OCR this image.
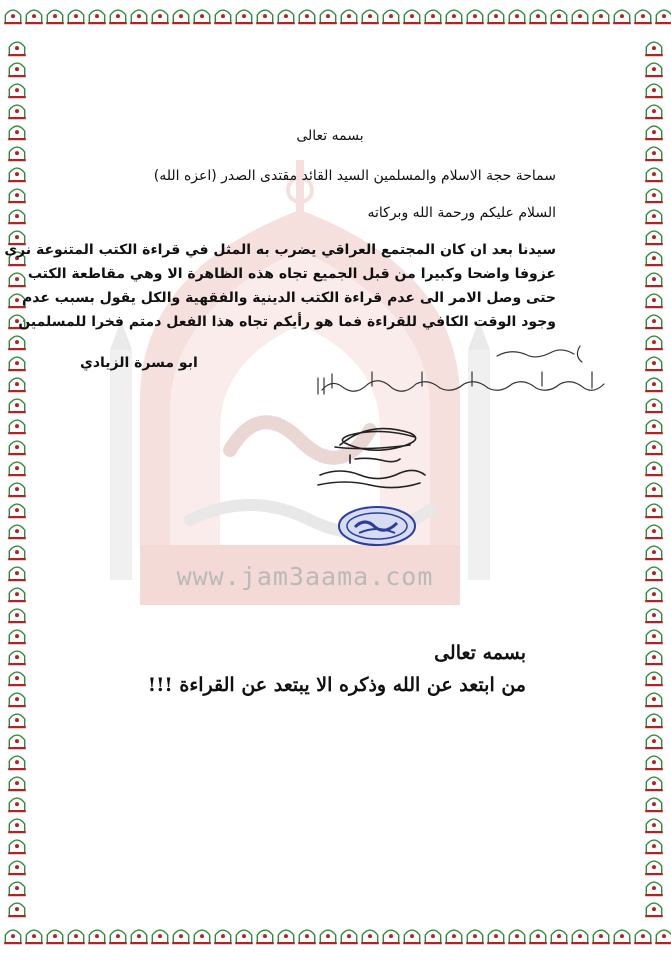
www.jam3aama.com
بسمه تعالى
سماحة حجة الاسلام والمسلمين السيد القائد مقتدى الصدر (اعزه الله)
السلام عليكم ورحمة الله وبركاته
سيدنا بعد ان كان المجتمع العراقي يضرب به المثل في قراءة الكتب المتنوعة نرى
عزوفا واضحا وكبيرا من قبل الجميع تجاه هذه الظاهرة الا وهي مقاطعة الكتب
حتى وصل الامر الى عدم قراءة الكتب الدينية والفقهية والكل يقول بسبب عدم
وجود الوقت الكافي للقراءة فما هو رأيكم تجاه هذا الفعل دمتم فخرا للمسلمين
ابو مسرة الزيادي
بسمه تعالى
من ابتعد عن الله وذكره الا يبتعد عن القراءة !!!
